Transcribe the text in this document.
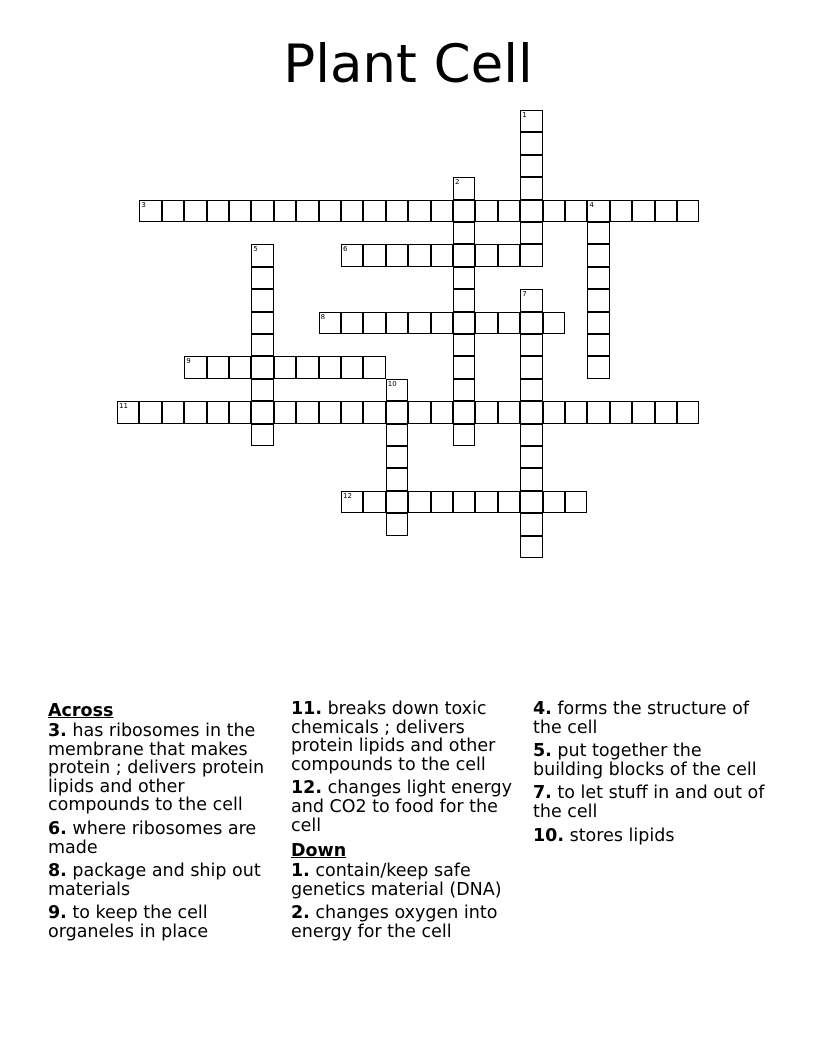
Plant Cell
1
2
3	4
5	6
7
8
9
10
11
12
Across
3. has ribosomes in the membrane that makes protein ; delivers protein lipids and other compounds to the cell
6. where ribosomes are made
8. package and ship out materials
9. to keep the cell organeles in place
11. breaks down toxic chemicals ; delivers protein lipids and other compounds to the cell
12. changes light energy and CO2 to food for the cell
Down
1. contain/keep safe genetics material (DNA)
2. changes oxygen into energy for the cell
4. forms the structure of the cell
5. put together the building blocks of the cell
7. to let stuff in and out of the cell
10. stores lipids
